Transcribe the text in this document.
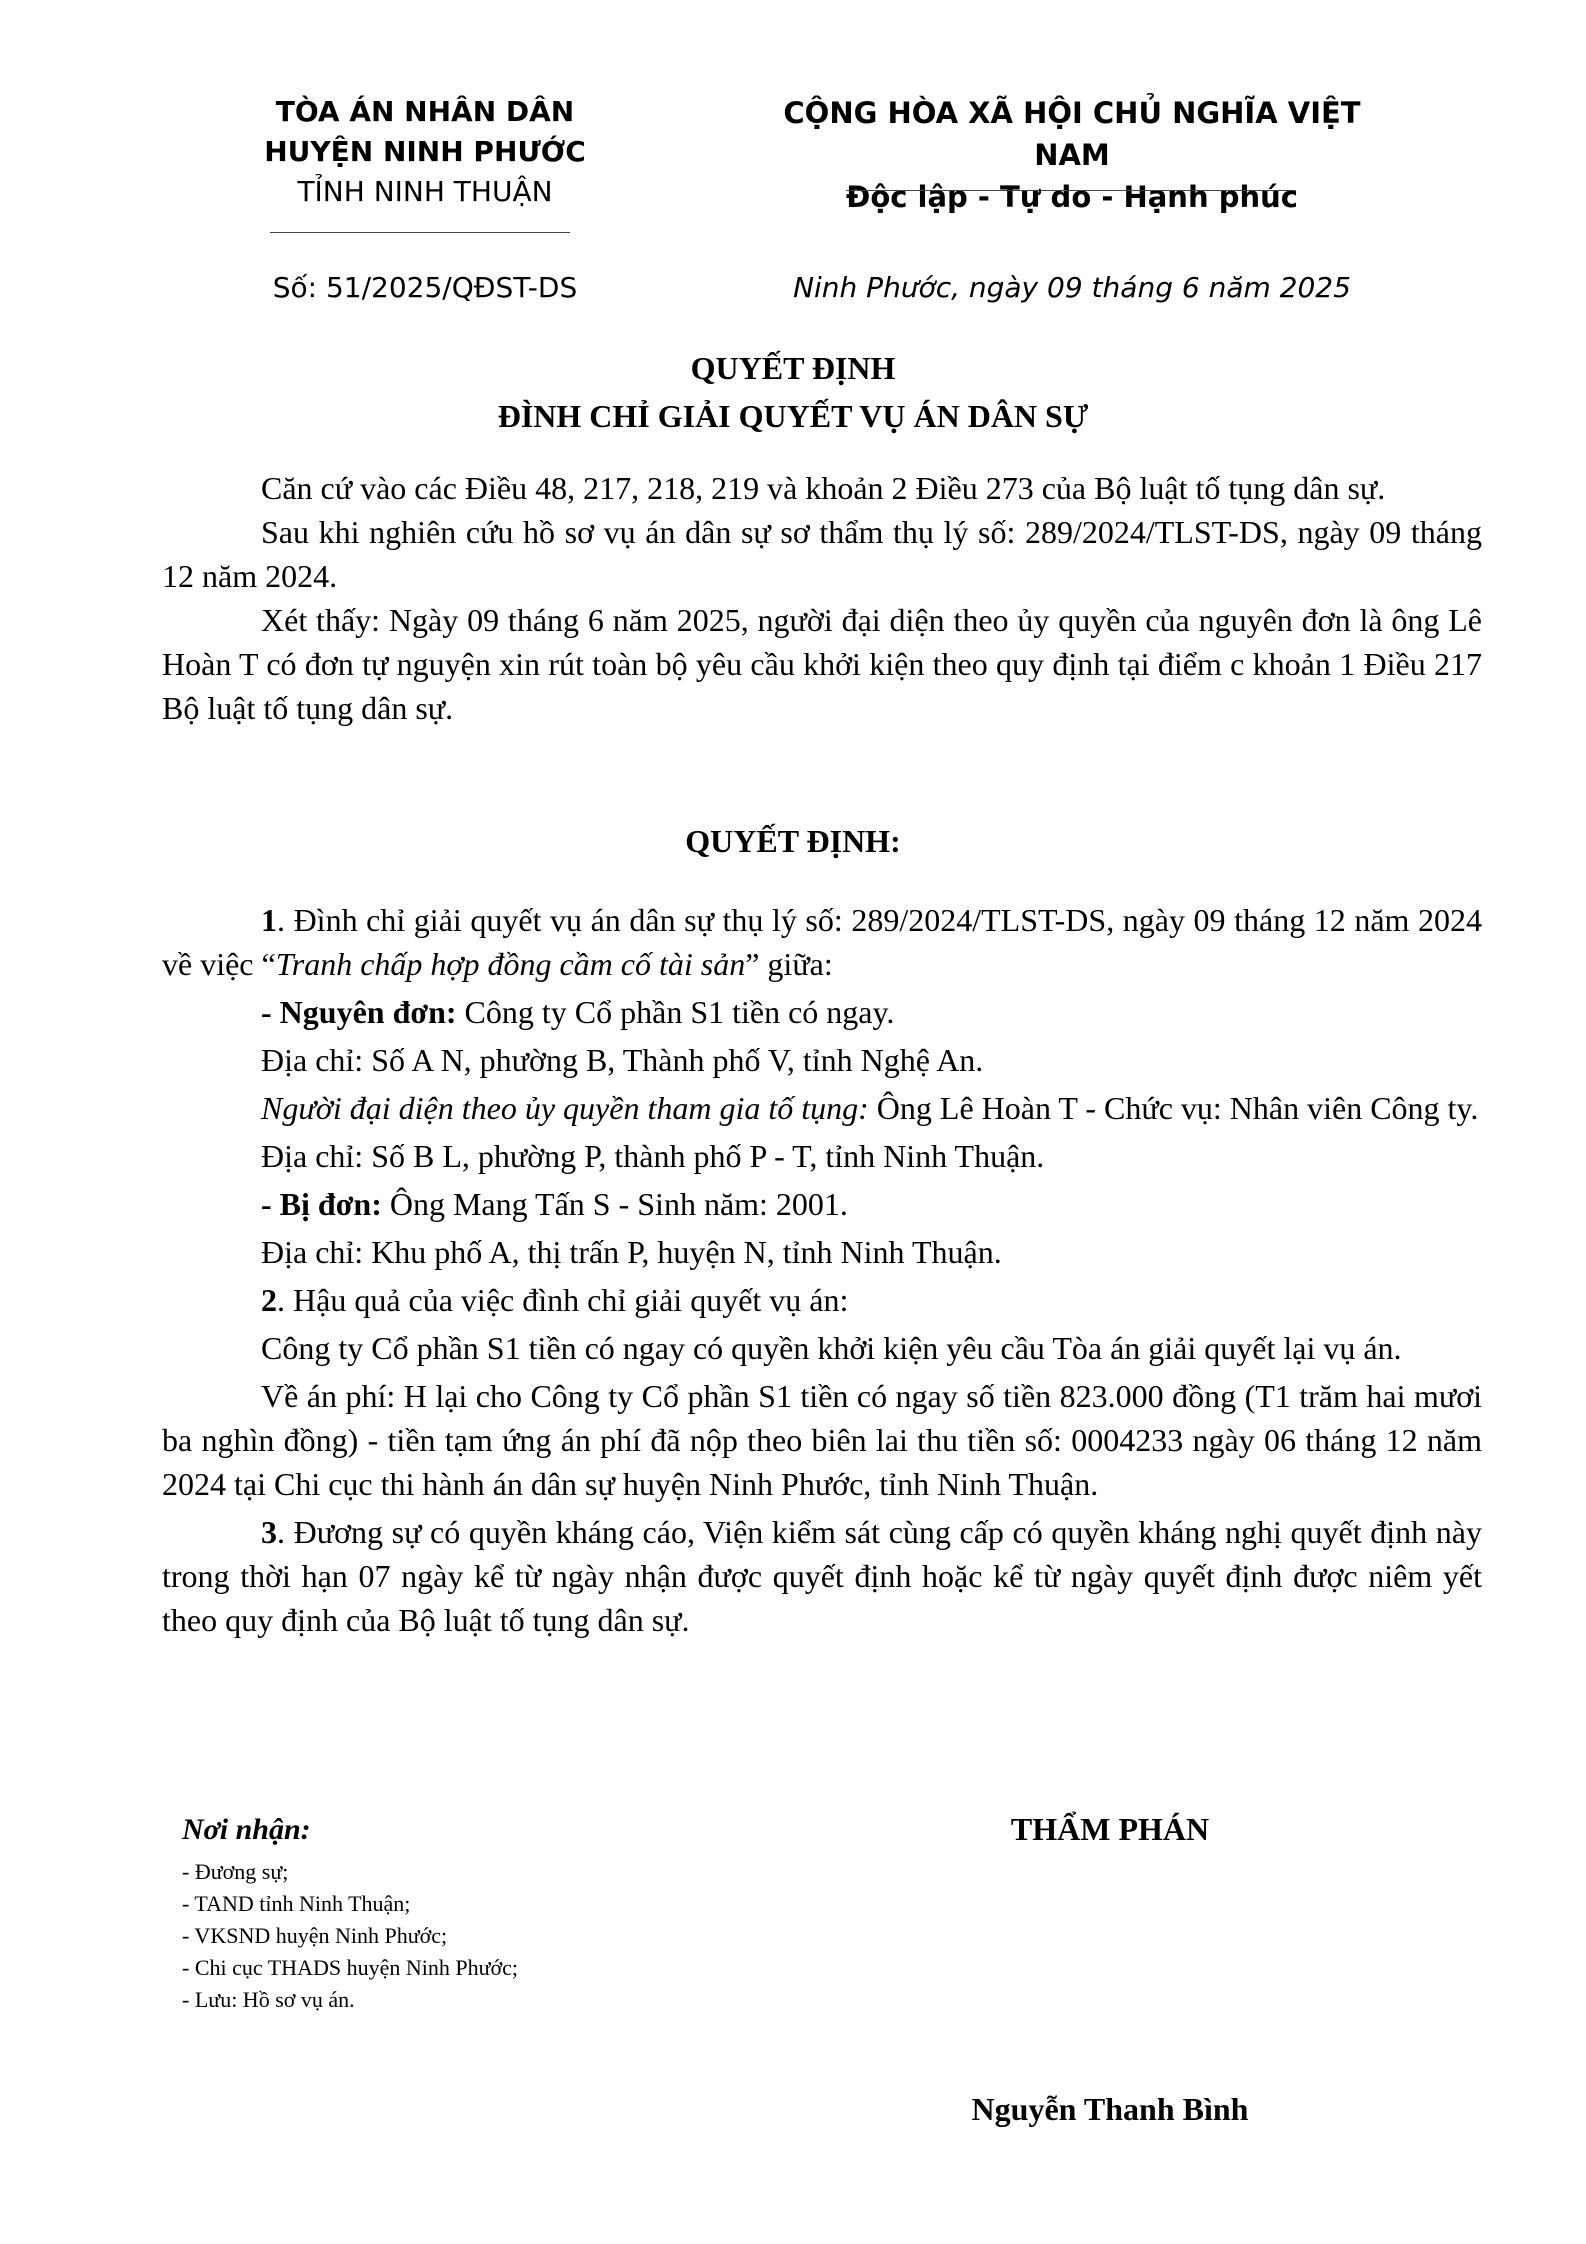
TÒA ÁN NHÂN DÂN
HUYỆN NINH PHƯỚC
TỈNH NINH THUẬN
CỘNG HÒA XÃ HỘI CHỦ NGHĨA VIỆT NAM
Độc lập - Tự do - Hạnh phúc
Số: 51/2025/QĐST-DS	Ninh Phước, ngày 09 tháng 6 năm 2025
QUYẾT ĐỊNH
ĐÌNH CHỈ GIẢI QUYẾT VỤ ÁN DÂN SỰ

Căn cứ vào các Điều 48, 217, 218, 219 và khoản 2 Điều 273 của Bộ luật tố tụng dân sự.

Sau khi nghiên cứu hồ sơ vụ án dân sự sơ thẩm thụ lý số: 289/2024/TLST-DS, ngày 09 tháng 12 năm 2024.

Xét thấy: Ngày 09 tháng 6 năm 2025, người đại diện theo ủy quyền của nguyên đơn là ông Lê Hoàn T có đơn tự nguyện xin rút toàn bộ yêu cầu khởi kiện theo quy định tại điểm c khoản 1 Điều 217 Bộ luật tố tụng dân sự.

QUYẾT ĐỊNH:

1. Đình chỉ giải quyết vụ án dân sự thụ lý số: 289/2024/TLST-DS, ngày 09 tháng 12 năm 2024 về việc “Tranh chấp hợp đồng cầm cố tài sản” giữa:

- Nguyên đơn: Công ty Cổ phần S1 tiền có ngay.

Địa chỉ: Số A N, phường B, Thành phố V, tỉnh Nghệ An.

Người đại diện theo ủy quyền tham gia tố tụng: Ông Lê Hoàn T - Chức vụ: Nhân viên Công ty.

Địa chỉ: Số B L, phường P, thành phố P - T, tỉnh Ninh Thuận.

- Bị đơn: Ông Mang Tấn S - Sinh năm: 2001.

Địa chỉ: Khu phố A, thị trấn P, huyện N, tỉnh Ninh Thuận.

2. Hậu quả của việc đình chỉ giải quyết vụ án:

Công ty Cổ phần S1 tiền có ngay có quyền khởi kiện yêu cầu Tòa án giải quyết lại vụ án.

Về án phí: H lại cho Công ty Cổ phần S1 tiền có ngay số tiền 823.000 đồng (T1 trăm hai mươi ba nghìn đồng) - tiền tạm ứng án phí đã nộp theo biên lai thu tiền số: 0004233 ngày 06 tháng 12 năm 2024 tại Chi cục thi hành án dân sự huyện Ninh Phước, tỉnh Ninh Thuận.

3. Đương sự có quyền kháng cáo, Viện kiểm sát cùng cấp có quyền kháng nghị quyết định này trong thời hạn 07 ngày kể từ ngày nhận được quyết định hoặc kể từ ngày quyết định được niêm yết theo quy định của Bộ luật tố tụng dân sự.

Nơi nhận:
- Đương sự;
- TAND tỉnh Ninh Thuận;
- VKSND huyện Ninh Phước;
- Chi cục THADS huyện Ninh Phước;
- Lưu: Hồ sơ vụ án.
THẨM PHÁN
Nguyễn Thanh Bình
